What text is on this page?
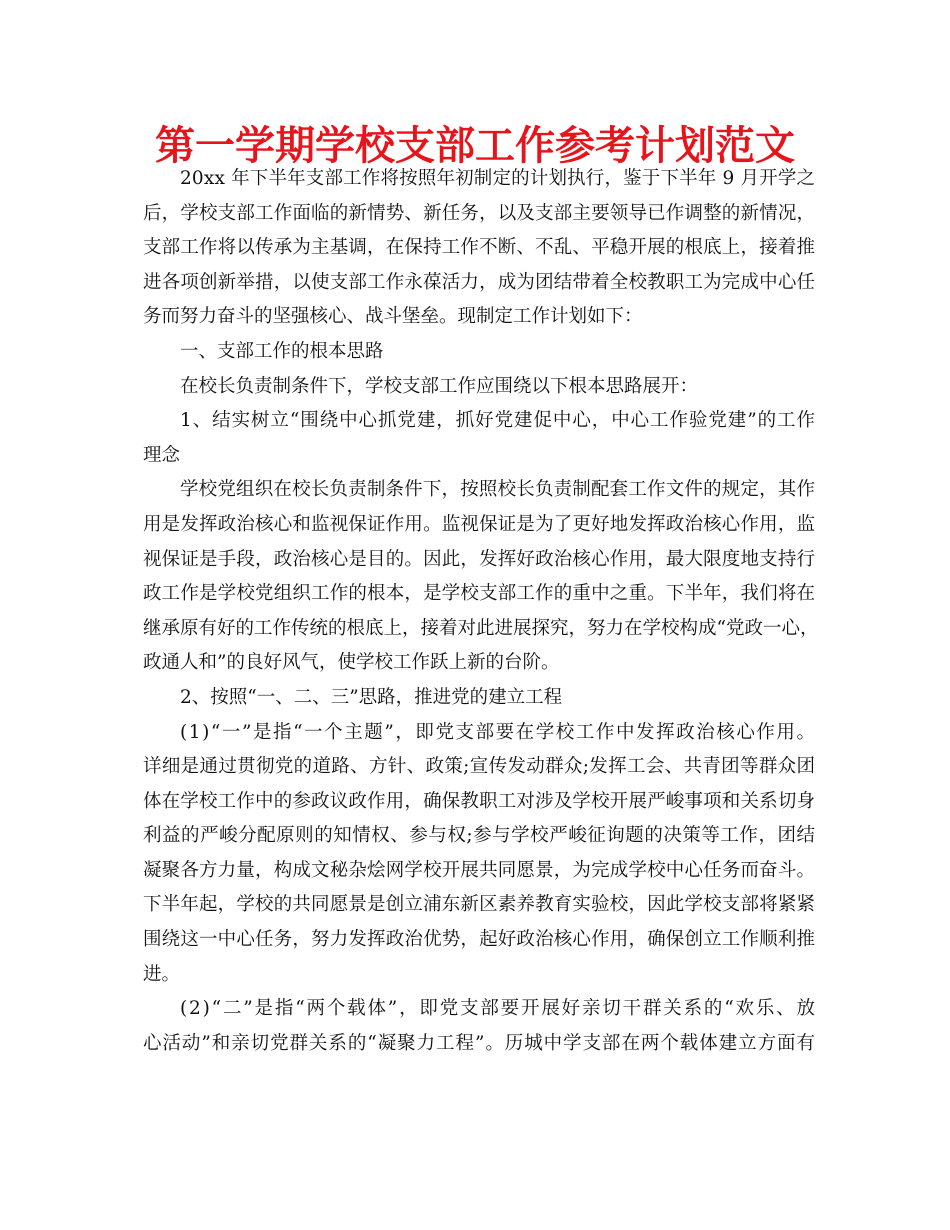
第一学期学校支部工作参考计划范文
20xx 年下半年支部工作将按照年初制定的计划执行，鉴于下半年 9 月开学之
后，学校支部工作面临的新情势、新任务，以及支部主要领导已作调整的新情况，
支部工作将以传承为主基调，在保持工作不断、不乱、平稳开展的根底上，接着推
进各项创新举措，以使支部工作永葆活力，成为团结带着全校教职工为完成中心任
务而努力奋斗的坚强核心、战斗堡垒。现制定工作计划如下：
一、支部工作的根本思路
在校长负责制条件下，学校支部工作应围绕以下根本思路展开：
1、结实树立“围绕中心抓党建，抓好党建促中心，中心工作验党建”的工作
理念
学校党组织在校长负责制条件下，按照校长负责制配套工作文件的规定，其作
用是发挥政治核心和监视保证作用。监视保证是为了更好地发挥政治核心作用，监
视保证是手段，政治核心是目的。因此，发挥好政治核心作用，最大限度地支持行
政工作是学校党组织工作的根本，是学校支部工作的重中之重。下半年，我们将在
继承原有好的工作传统的根底上，接着对此进展探究，努力在学校构成“党政一心，
政通人和”的良好风气，使学校工作跃上新的台阶。
2、按照“一、二、三”思路，推进党的建立工程
(1)“一”是指“一个主题”，即党支部要在学校工作中发挥政治核心作用。
详细是通过贯彻党的道路、方针、政策;宣传发动群众;发挥工会、共青团等群众团
体在学校工作中的参政议政作用，确保教职工对涉及学校开展严峻事项和关系切身
利益的严峻分配原则的知情权、参与权;参与学校严峻征询题的决策等工作，团结
凝聚各方力量，构成文秘杂烩网学校开展共同愿景，为完成学校中心任务而奋斗。
下半年起，学校的共同愿景是创立浦东新区素养教育实验校，因此学校支部将紧紧
围绕这一中心任务，努力发挥政治优势，起好政治核心作用，确保创立工作顺利推
进。
(2)“二”是指“两个载体”，即党支部要开展好亲切干群关系的“欢乐、放
心活动”和亲切党群关系的“凝聚力工程”。历城中学支部在两个载体建立方面有
